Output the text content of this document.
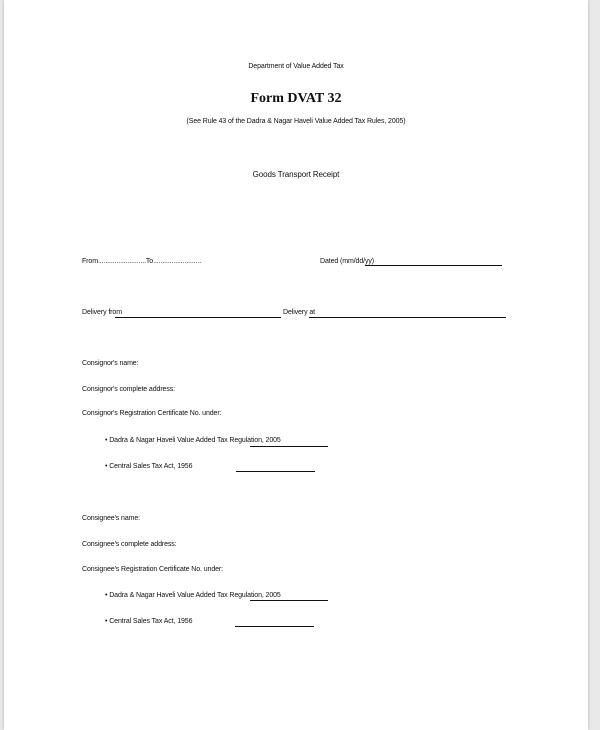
Department of Value Added Tax
Form DVAT 32
(See Rule 43 of the Dadra & Nagar Haveli Value Added Tax Rules, 2005)
Goods Transport Receipt
From..........................To..........................	Dated (mm/dd/yy)
Delivery from	Delivery at
Consignor's name:
Consignor's complete address:
Consignor's Registration Certificate No. under:
• Dadra & Nagar Haveli Value Added Tax Regulation, 2005
• Central Sales Tax Act, 1956
Consignee's name:
Consignee's complete address:
Consignee's Registration Certificate No. under:
• Dadra & Nagar Haveli Value Added Tax Regulation, 2005
• Central Sales Tax Act, 1956
